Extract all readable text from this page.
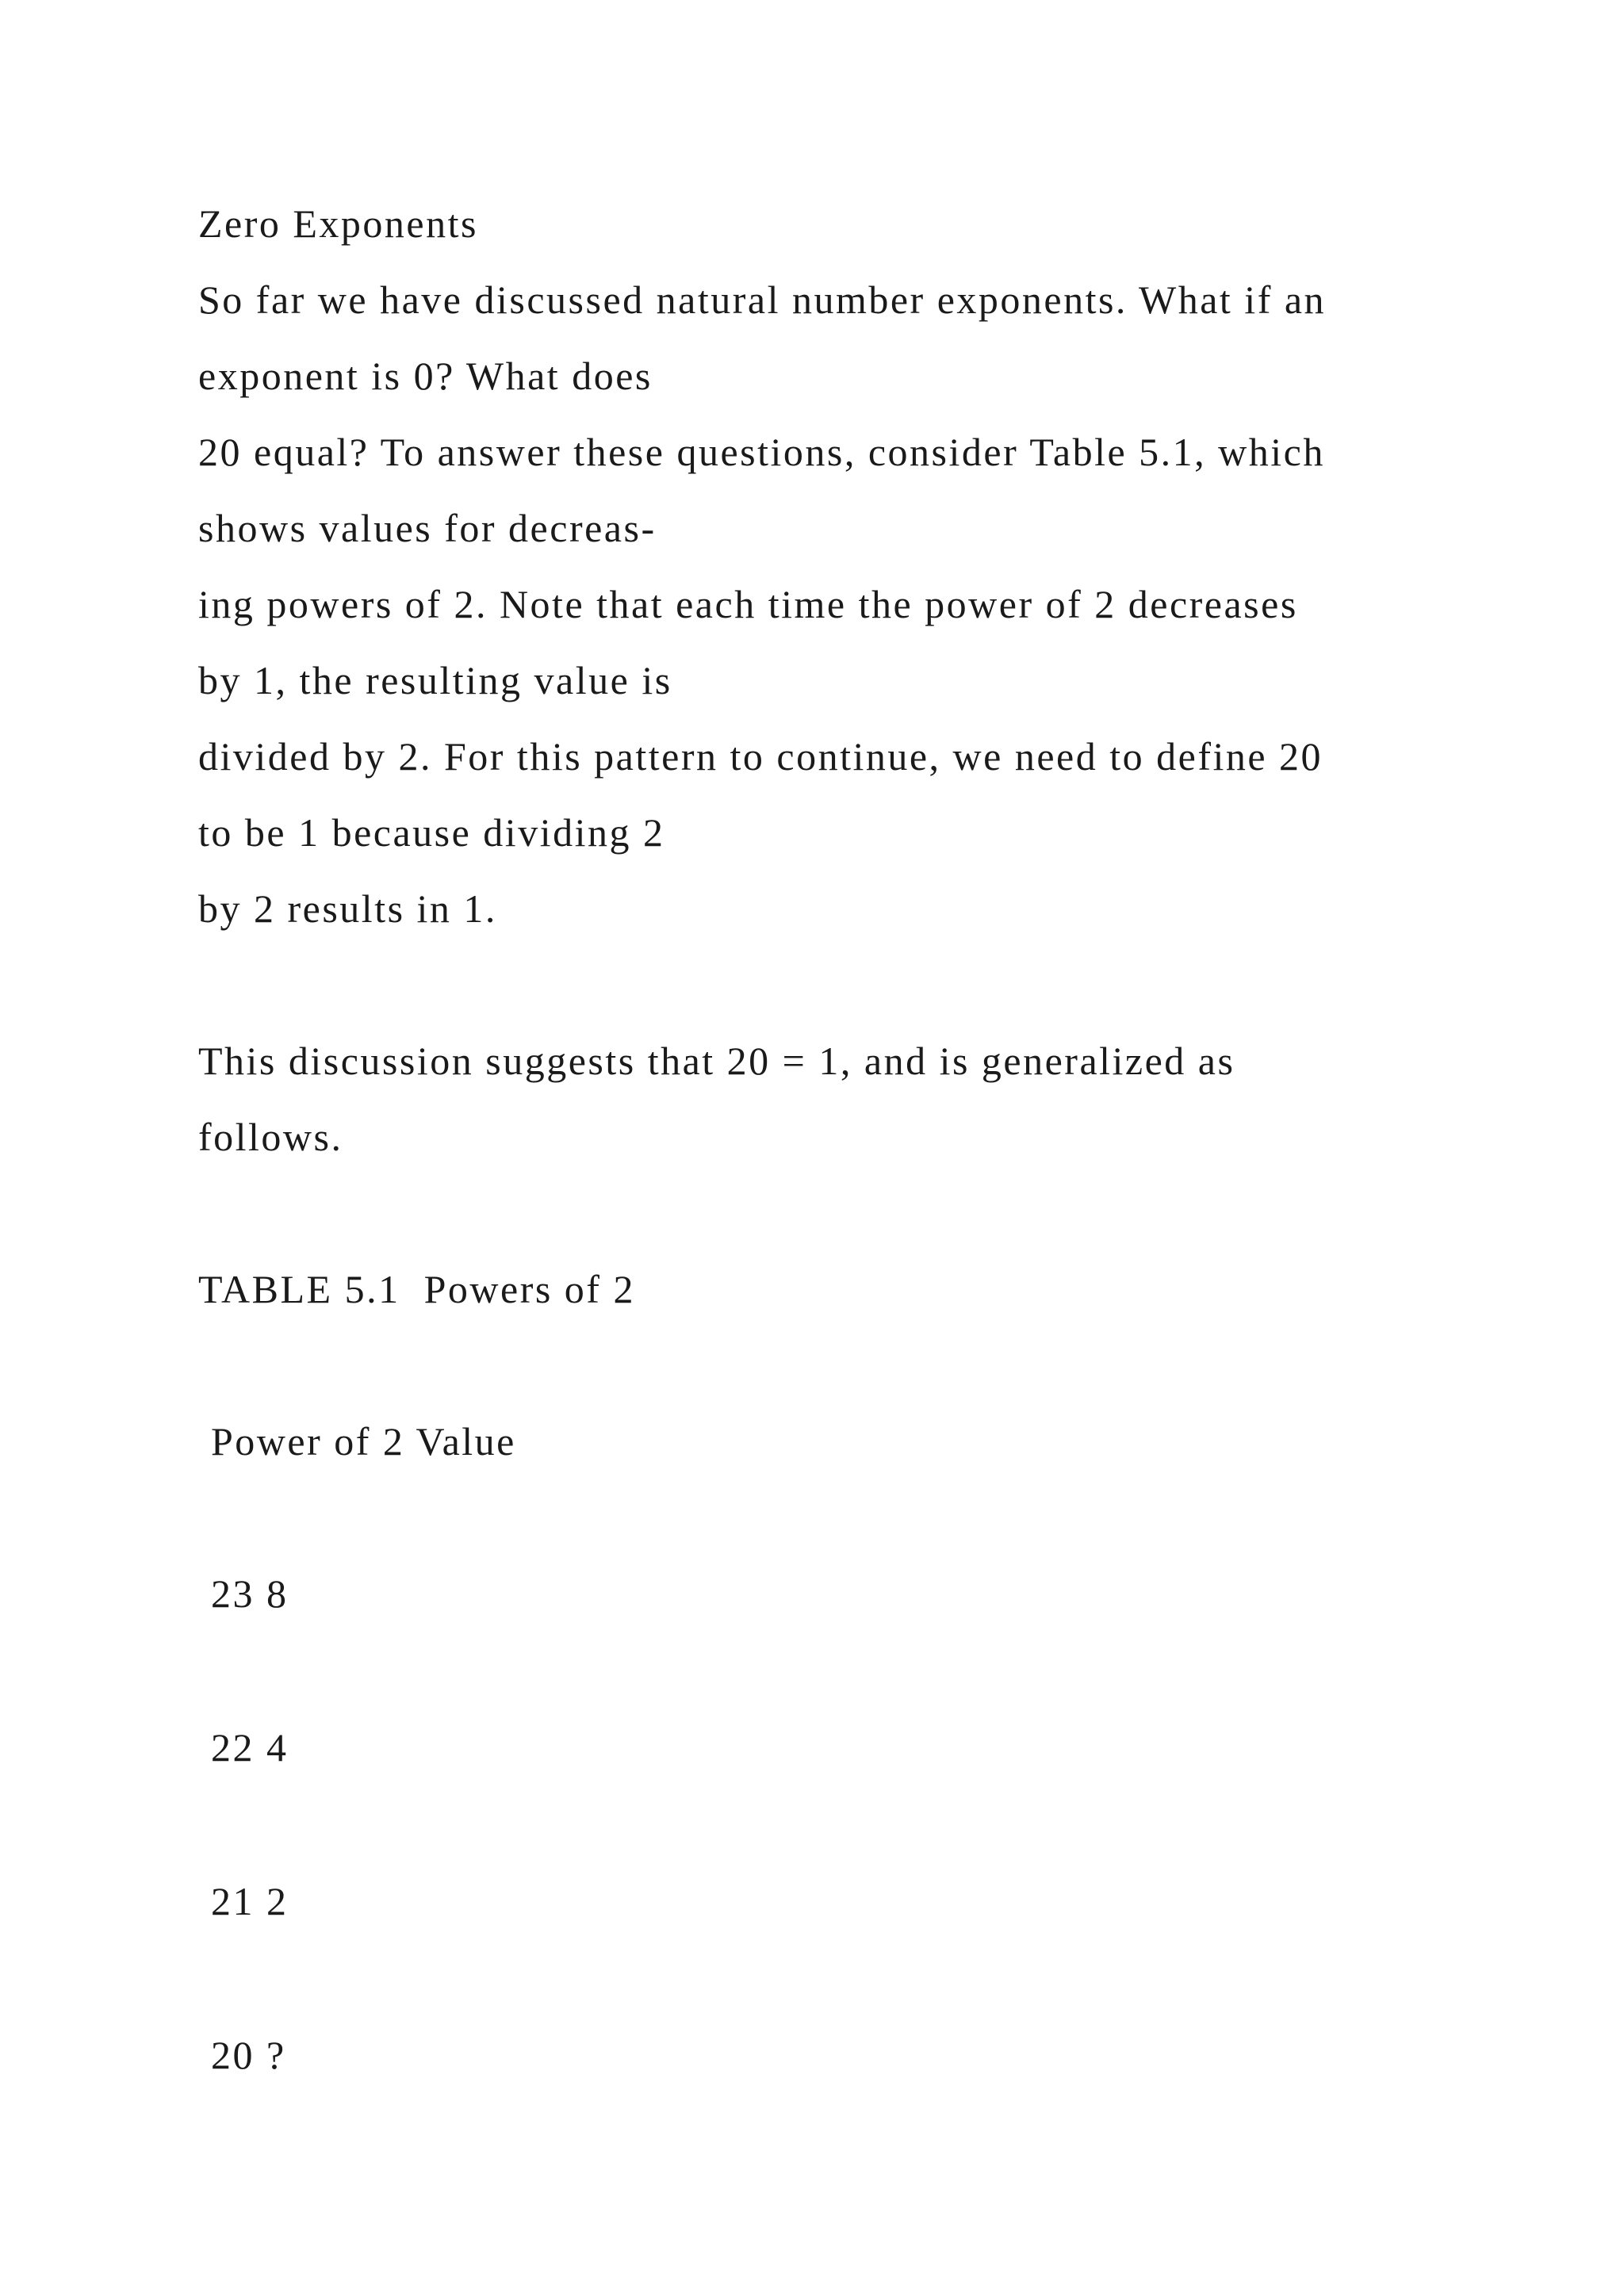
Zero Exponents
So far we have discussed natural number exponents. What if an
exponent is 0? What does
20 equal? To answer these questions, consider Table 5.1, which
shows values for decreas-
ing powers of 2. Note that each time the power of 2 decreases
by 1, the resulting value is
divided by 2. For this pattern to continue, we need to define 20
to be 1 because dividing 2
by 2 results in 1.
This discussion suggests that 20 = 1, and is generalized as
follows.
TABLE 5.1  Powers of 2
Power of 2 Value
23 8
22 4
21 2
20 ?
